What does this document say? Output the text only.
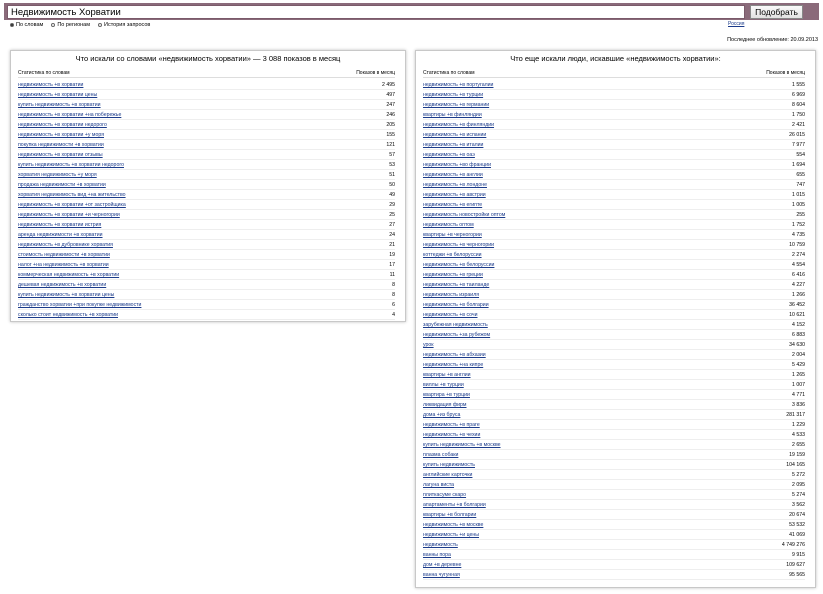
Недвижимость Хорватии
Подобрать
Россия
По словам	По регионам	История запросов
Последнее обновление: 20.09.2013
Что искали со словами «недвижимость хорватии» — 3 088 показов в месяц
Статистика по словам	Показов в месяц
недвижимость +в хорватии	2 495
недвижимость +в хорватии цены	497
купить недвижимость +в хорватии	247
недвижимость +в хорватии +на побережье	246
недвижимость +в хорватии недорого	205
недвижимость +в хорватии +у моря	155
покупка недвижимости +в хорватии	121
недвижимость +в хорватии отзывы	57
купить недвижимость +в хорватии недорого	53
хорватия недвижимость +у моря	51
продажа недвижимости +в хорватии	50
хорватия недвижимость вид +на жительство	49
недвижимость +в хорватии +от застройщика	29
недвижимость +в хорватии +и черногории	25
недвижимость +в хорватии истрия	27
аренда недвижимости +в хорватии	24
недвижимость +в дубровнике хорватия	21
стоимость недвижимости +в хорватии	19
налог +на недвижимость +в хорватии	17
коммерческая недвижимость +в хорватии	11
дешевая недвижимость +в хорватии	8
купить недвижимость +в хорватии цены	8
гражданство хорватии +при покупке недвижимости	6
сколько стоит недвижимость +в хорватии	4
Что еще искали люди, искавшие «недвижимость хорватии»:
Статистика по словам	Показов в месяц
недвижимость +в португалии	1 555
недвижимость +в турции	6 969
недвижимость +в германии	8 604
квартиры +в финляндии	1 750
недвижимость +в финляндии	2 421
недвижимость +в испании	26 015
недвижимость +в италии	7 977
недвижимость +в оаэ	554
недвижимость +во франции	1 694
недвижимость +в англии	655
недвижимость +в лондоне	747
недвижимость +в австрии	1 015
недвижимость +в египте	1 005
недвижимость новостройки оптом	255
недвижимость оптом	1 752
квартиры +в черногории	4 735
недвижимость +в черногории	10 759
коттеджи +в белоруссии	2 274
недвижимость +в белоруссии	4 554
недвижимость +в греции	6 416
недвижимость +в таиланде	4 227
недвижимость израиля	1 266
недвижимость +в болгарии	36 452
недвижимость +в сочи	10 621
зарубежная недвижимость	4 152
недвижимость +за рубежом	6 883
урок	34 630
недвижимость +в абхазии	2 004
недвижимость +на кипре	5 429
квартиры +в англии	1 265
виллы +в турции	1 007
квартира +в турции	4 771
ликвидация фирм	3 836
дома +из брусa	281 317
недвижимость +в праге	1 229
недвижимость +в чехии	4 533
купить недвижимость +в москве	2 655
плазма собаки	19 159
купить недвижимость	104 165
английские карточки	5 272
лагуна виста	2 095
плиткасуме скаро	5 274
апартаменты +в болгарии	3 562
квартиры +в болгарии	20 674
недвижимость +в москве	53 532
недвижимость +и цены	41 069
недвижимость	4 749 276
ванны пора	9 915
дом +в деревне	109 627
ванна чугунная	95 565
